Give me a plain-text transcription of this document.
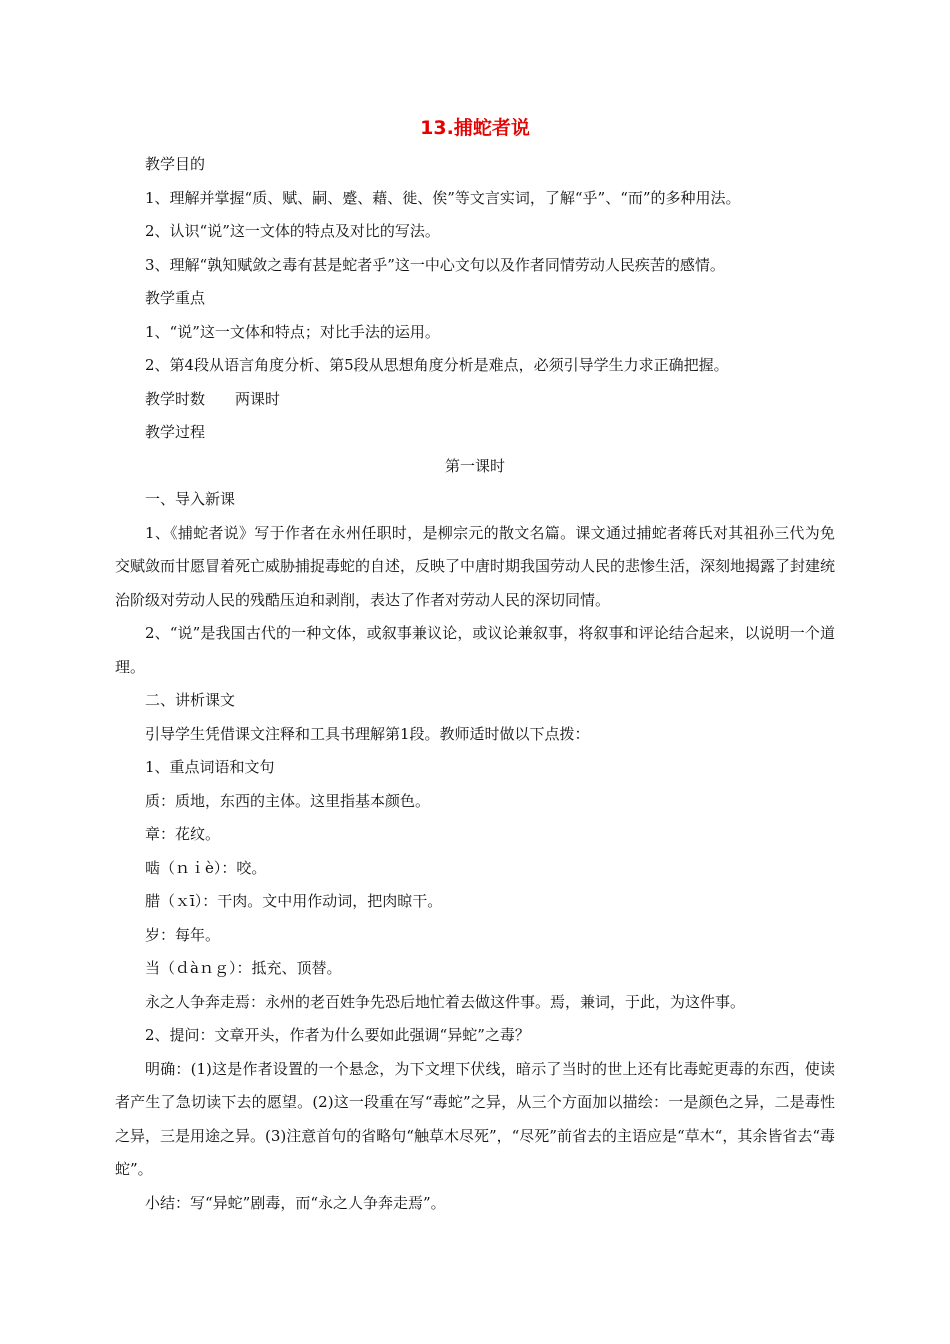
13.捕蛇者说

教学目的

1、理解并掌握“质、赋、嗣、蹙、藉、徙、俟”等文言实词，了解“乎”、“而”的多种用法。

2、认识“说”这一文体的特点及对比的写法。

3、理解“孰知赋敛之毒有甚是蛇者乎”这一中心文句以及作者同情劳动人民疾苦的感情。

教学重点

1、“说”这一文体和特点；对比手法的运用。

2、第4段从语言角度分析、第5段从思想角度分析是难点，必须引导学生力求正确把握。

教学时数　　两课时

教学过程

第一课时

一、导入新课

1、《捕蛇者说》写于作者在永州任职时，是柳宗元的散文名篇。课文通过捕蛇者蒋氏对其祖孙三代为免交赋敛而甘愿冒着死亡威胁捕捉毒蛇的自述，反映了中唐时期我国劳动人民的悲惨生活，深刻地揭露了封建统治阶级对劳动人民的残酷压迫和剥削，表达了作者对劳动人民的深切同情。

2、“说”是我国古代的一种文体，或叙事兼议论，或议论兼叙事，将叙事和评论结合起来，以说明一个道理。

二、讲析课文

引导学生凭借课文注释和工具书理解第1段。教师适时做以下点拨：

1、重点词语和文句

质：质地，东西的主体。这里指基本颜色。

章：花纹。

啮（ｎｉè）：咬。

腊（ｘī）：干肉。文中用作动词，把肉晾干。

岁：每年。

当（ｄàｎｇ）：抵充、顶替。

永之人争奔走焉：永州的老百姓争先恐后地忙着去做这件事。焉，兼词，于此，为这件事。

2、提问：文章开头，作者为什么要如此强调“异蛇”之毒？

明确：(1)这是作者设置的一个悬念，为下文埋下伏线，暗示了当时的世上还有比毒蛇更毒的东西，使读者产生了急切读下去的愿望。(2)这一段重在写“毒蛇”之异，从三个方面加以描绘：一是颜色之异，二是毒性之异，三是用途之异。(3)注意首句的省略句“触草木尽死”，“尽死”前省去的主语应是“草木“，其余皆省去“毒蛇”。

小结：写“异蛇”剧毒，而“永之人争奔走焉”。
